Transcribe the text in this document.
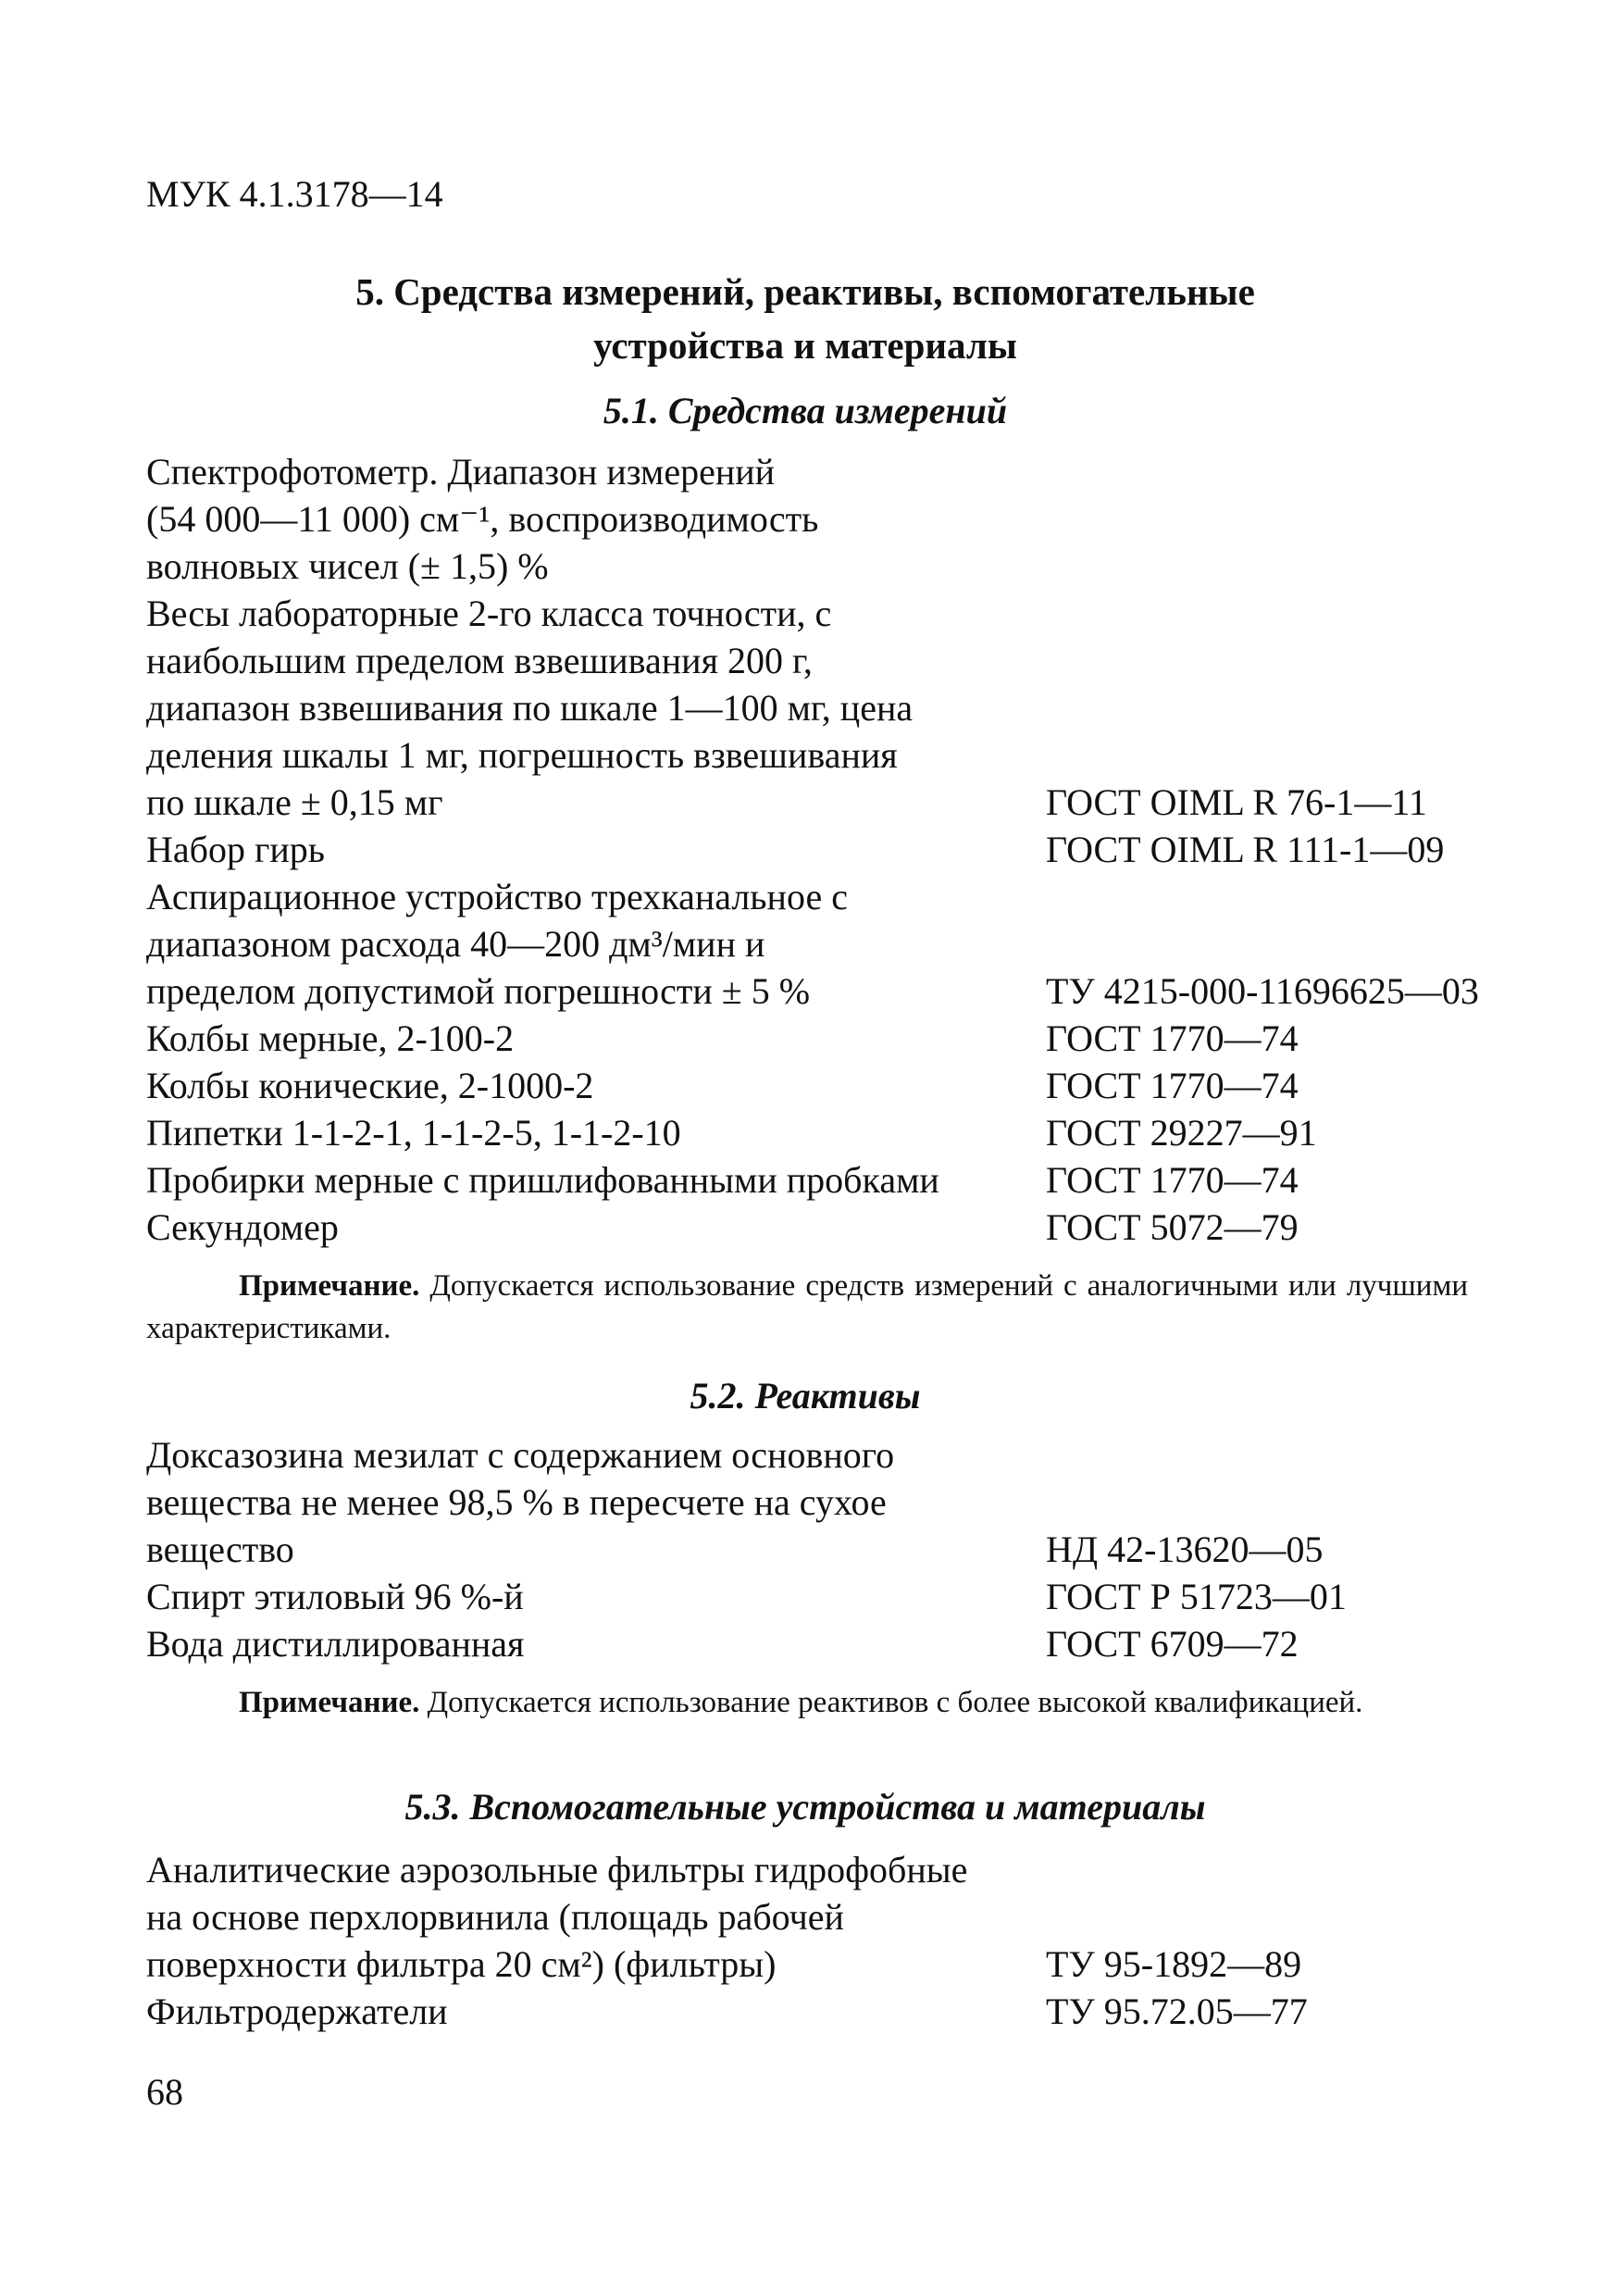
МУК 4.1.3178—14
5. Средства измерений, реактивы, вспомогательные
устройства и материалы
5.1. Средства измерений
Спектрофотометр. Диапазон измерений
(54 000—11 000) см⁻¹, воспроизводимость
волновых чисел (± 1,5) %
Весы лабораторные 2-го класса точности, с
наибольшим пределом взвешивания 200 г,
диапазон взвешивания по шкале 1—100 мг, цена
деления шкалы 1 мг, погрешность взвешивания
по шкале ± 0,15 мг	ГОСТ OIML R 76-1—11
Набор гирь	ГОСТ OIML R 111-1—09
Аспирационное устройство трехканальное с
диапазоном расхода 40—200 дм³/мин и
пределом допустимой погрешности ± 5 %	ТУ 4215-000-11696625—03
Колбы мерные, 2-100-2	ГОСТ 1770—74
Колбы конические, 2-1000-2	ГОСТ 1770—74
Пипетки 1-1-2-1, 1-1-2-5, 1-1-2-10	ГОСТ 29227—91
Пробирки мерные с пришлифованными пробками	ГОСТ 1770—74
Секундомер	ГОСТ 5072—79
Примечание. Допускается использование средств измерений с аналогичными или лучшими характеристиками.
5.2. Реактивы
Доксазозина мезилат с содержанием основного
вещества не менее 98,5 % в пересчете на сухое
вещество	НД 42-13620—05
Спирт этиловый 96 %-й	ГОСТ Р 51723—01
Вода дистиллированная	ГОСТ 6709—72
Примечание. Допускается использование реактивов с более высокой квалификацией.
5.3. Вспомогательные устройства и материалы
Аналитические аэрозольные фильтры гидрофобные
на основе перхлорвинила (площадь рабочей
поверхности фильтра 20 см²) (фильтры)	ТУ 95-1892—89
Фильтродержатели	ТУ 95.72.05—77
68
